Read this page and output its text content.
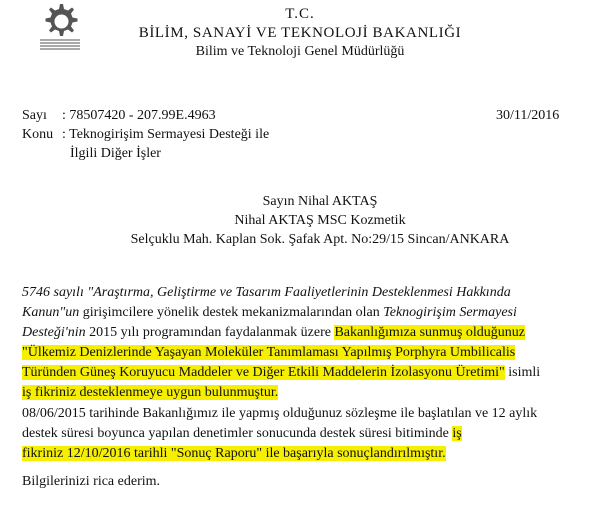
T.C.
BİLİM, SANAYİ VE TEKNOLOJİ BAKANLIĞI
Bilim ve Teknoloji Genel Müdürlüğü
Sayı : 78507420 - 207.99E.4963	30/11/2016
Konu : Teknogirişim Sermayesi Desteği ile
İlgili Diğer İşler
Sayın Nihal AKTAŞ
Nihal AKTAŞ MSC Kozmetik
Selçuklu Mah. Kaplan Sok. Şafak Apt. No:29/15 Sincan/ANKARA
5746 sayılı "Araştırma, Geliştirme ve Tasarım Faaliyetlerinin Desteklenmesi Hakkında
Kanun"un girişimcilere yönelik destek mekanizmalarından olan Teknogirişim Sermayesi
Desteği'nin 2015 yılı programından faydalanmak üzere Bakanlığımıza sunmuş olduğunuz
"Ülkemiz Denizlerinde Yaşayan Moleküler Tanımlaması Yapılmış Porphyra Umbilicalis
Türünden Güneş Koruyucu Maddeler ve Diğer Etkili Maddelerin İzolasyonu Üretimi" isimli
iş fikriniz desteklenmeye uygun bulunmuştur.
08/06/2015 tarihinde Bakanlığımız ile yapmış olduğunuz sözleşme ile başlatılan ve 12 aylık
destek süresi boyunca yapılan denetimler sonucunda destek süresi bitiminde iş
fikriniz 12/10/2016 tarihli "Sonuç Raporu" ile başarıyla sonuçlandırılmıştır.
Bilgilerinizi rica ederim.
